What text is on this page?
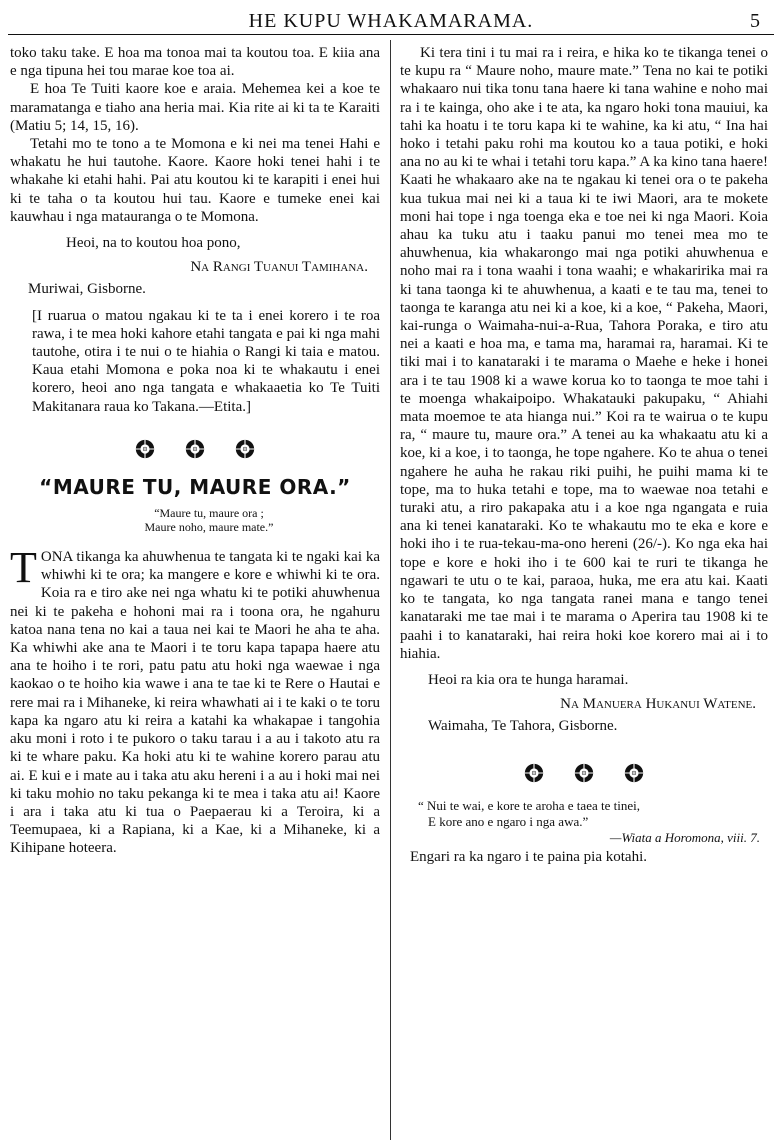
HE KUPU WHAKAMARAMA.	5

toko taku take. E hoa ma tonoa mai ta koutou toa. E kiia ana e nga tipuna hei tou marae koe toa ai.

E hoa Te Tuiti kaore koe e araia. Mehemea kei a koe te maramatanga e tiaho ana heria mai. Kia rite ai ki ta te Karaiti (Matiu 5; 14, 15, 16).

Tetahi mo te tono a te Momona e ki nei ma tenei Hahi e whakatu he hui tautohe. Kaore. Kaore hoki tenei hahi i te whakahe ki etahi hahi. Pai atu koutou ki te karapiti i enei hui ki te taha o ta koutou hui tau. Kaore e tumeke enei kai kauwhau i nga matauranga o te Momona.

Heoi, na to koutou hoa pono,

Na Rangi Tuanui Tamihana.

Muriwai, Gisborne.

[I ruarua o matou ngakau ki te ta i enei korero i te roa rawa, i te mea hoki kahore etahi tangata e pai ki nga mahi tautohe, otira i te nui o te hiahia o Rangi ki taia e matou. Kaua etahi Momona e poka noa ki te whakautu i enei korero, heoi ano nga tangata e whakaaetia ko Te Tuiti Makitanara raua ko Takana.—Etita.]

“MAURE TU, MAURE ORA.”
“Maure tu, maure ora ;
Maure noho, maure mate.”

TONA tikanga ka ahuwhenua te tangata ki te ngaki kai ka whiwhi ki te ora; ka mangere e kore e whiwhi ki te ora. Koia ra e tiro ake nei nga whatu ki te potiki ahuwhenua nei ki te pakeha e hohoni mai ra i toona ora, he ngahuru katoa nana tena no kai a taua nei kai te Maori he aha te aha. Ka whiwhi ake ana te Maori i te toru kapa tapapa haere atu ana te hoiho i te rori, patu patu atu hoki nga waewae i nga kaokao o te hoiho kia wawe i ana te tae ki te Rere o Hautai e rere mai ra i Mihaneke, ki reira whawhati ai i te kaki o te toru kapa ka ngaro atu ki reira a katahi ka whakapae i tangohia aku moni i roto i te pukoro o taku tarau i a au i takoto atu ra ki te whare paku. Ka hoki atu ki te wahine korero parau atu ai. E kui e i mate au i taka atu aku hereni i a au i hoki mai nei ki taku mohio no taku pekanga ki te mea i taka atu ai! Kaore i ara i taka atu ki tua o Paepaerau ki a Teroira, ki a Teemupaea, ki a Rapiana, ki a Kae, ki a Mihaneke, ki a Kihipane hoteera.

Ki tera tini i tu mai ra i reira, e hika ko te tikanga tenei o te kupu ra “ Maure noho, maure mate.” Tena no kai te potiki whakaaro nui tika tonu tana haere ki tana wahine e noho mai ra i te kainga, oho ake i te ata, ka ngaro hoki tona mauiui, ka tahi ka hoatu i te toru kapa ki te wahine, ka ki atu, “ Ina hai hoko i tetahi paku rohi ma koutou ko a taua potiki, e hoki ana no au ki te whai i tetahi toru kapa.” A ka kino tana haere! Kaati he whakaaro ake na te ngakau ki tenei ora o te pakeha kua tukua mai nei ki a taua ki te iwi Maori, ara te mokete moni hai tope i nga toenga eka e toe nei ki nga Maori. Koia ahau ka tuku atu i taaku panui mo tenei mea mo te ahuwhenua, kia whakarongo mai nga potiki ahuwhenua e noho mai ra i tona waahi i tona waahi; e whakaririka mai ra ki tana taonga ki te ahuwhenua, a kaati e te tau ma, tenei to taonga te karanga atu nei ki a koe, ki a koe, “ Pakeha, Maori, kai-runga o Waimaha-nui-a-Rua, Tahora Poraka, e tiro atu nei a kaati e hoa ma, e tama ma, haramai ra, haramai. Ki te tiki mai i to kanataraki i te marama o Maehe e heke i honei ara i te tau 1908 ki a wawe korua ko to taonga te moe tahi i te moenga whakaipoipo. Whakatauki pakupaku, “ Ahiahi mata moemoe te ata hianga nui.” Koi ra te wairua o te kupu ra, “ maure tu, maure ora.” A tenei au ka whakaatu atu ki a koe, ki a koe, i to taonga, he tope ngahere. Ko te ahua o tenei ngahere he auha he rakau riki puihi, he puihi mama ki te tope, ma to huka tetahi e tope, ma to waewae noa tetahi e turaki atu, a riro pakapaka atu i a koe nga ngangata e ruia ana ki tenei kanataraki. Ko te whakautu mo te eka e kore e hoki iho i te rua-tekau-ma-ono hereni (26/-). Ko nga eka hai tope e kore e hoki iho i te 600 kai te ruri te tikanga he ngawari te utu o te kai, paraoa, huka, me era atu kai. Kaati ko te tangata, ko nga tangata ranei mana e tango tenei kanataraki me tae mai i te marama o Aperira tau 1908 ki te paahi i to kanataraki, hai reira hoki koe korero mai ai i to hiahia.

Heoi ra kia ora te hunga haramai.

Na Manuera Hukanui Watene.

Waimaha, Te Tahora, Gisborne.

“ Nui te wai, e kore te aroha e taea te tinei,
E kore ano e ngaro i nga awa.”
—Wiata a Horomona, viii. 7.

Engari ra ka ngaro i te paina pia kotahi.
